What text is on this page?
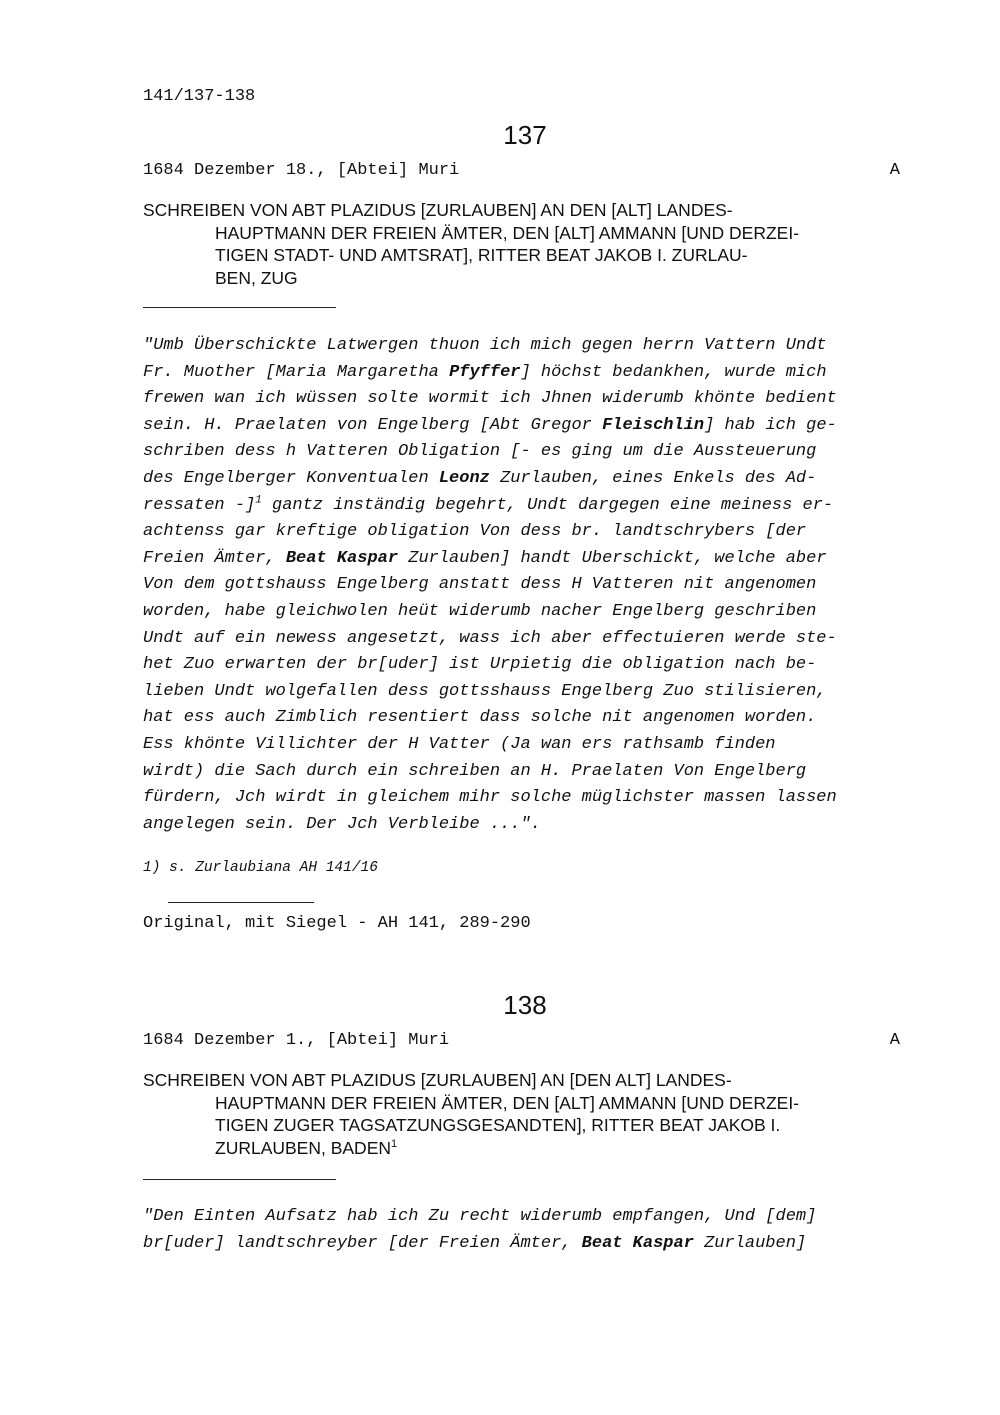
141/137-138
137
1684 Dezember 18., [Abtei] Muri	A
SCHREIBEN VON ABT PLAZIDUS [ZURLAUBEN] AN DEN [ALT] LANDES-
HAUPTMANN DER FREIEN ÄMTER, DEN [ALT] AMMANN [UND DERZEI-
TIGEN STADT- UND AMTSRAT], RITTER BEAT JAKOB I. ZURLAU-
BEN, ZUG
"Umb Überschickte Latwergen thuon ich mich gegen herrn Vattern Undt
Fr. Muother [Maria Margaretha Pfyffer] höchst bedankhen, wurde mich
frewen wan ich wüssen solte wormit ich Jhnen widerumb khönte bedient
sein. H. Praelaten von Engelberg [Abt Gregor Fleischlin] hab ich ge-
schriben dess h Vatteren Obligation [- es ging um die Aussteuerung
des Engelberger Konventualen Leonz Zurlauben, eines Enkels des Ad-
ressaten -]$^1$ gantz inständig begehrt, Undt dargegen eine meiness er-
achtenss gar kreftige obligation Von dess br. landtschrybers [der
Freien Ämter, Beat Kaspar Zurlauben] handt Uberschickt, welche aber
Von dem gottshauss Engelberg anstatt dess H Vatteren nit angenomen
worden, habe gleichwolen heüt widerumb nacher Engelberg geschriben
Undt auf ein newess angesetzt, wass ich aber effectuieren werde ste-
het Zuo erwarten der br[uder] ist Urpietig die obligation nach be-
lieben Undt wolgefallen dess gottsshauss Engelberg Zuo stilisieren,
hat ess auch Zimblich resentiert dass solche nit angenomen worden.
Ess khönte Villichter der H Vatter (Ja wan ers rathsamb finden
wirdt) die Sach durch ein schreiben an H. Praelaten Von Engelberg
fürdern, Jch wirdt in gleichem mihr solche müglichster massen lassen
angelegen sein. Der Jch Verbleibe ...".
1) s. Zurlaubiana AH 141/16
Original, mit Siegel - AH 141, 289-290
138
1684 Dezember 1., [Abtei] Muri	A
SCHREIBEN VON ABT PLAZIDUS [ZURLAUBEN] AN [DEN ALT] LANDES-
HAUPTMANN DER FREIEN ÄMTER, DEN [ALT] AMMANN [UND DERZEI-
TIGEN ZUGER TAGSATZUNGSGESANDTEN], RITTER BEAT JAKOB I.
ZURLAUBEN, BADEN$^1$
"Den Einten Aufsatz hab ich Zu recht widerumb empfangen, Und [dem]
br[uder] landtschreyber [der Freien Ämter, Beat Kaspar Zurlauben]
